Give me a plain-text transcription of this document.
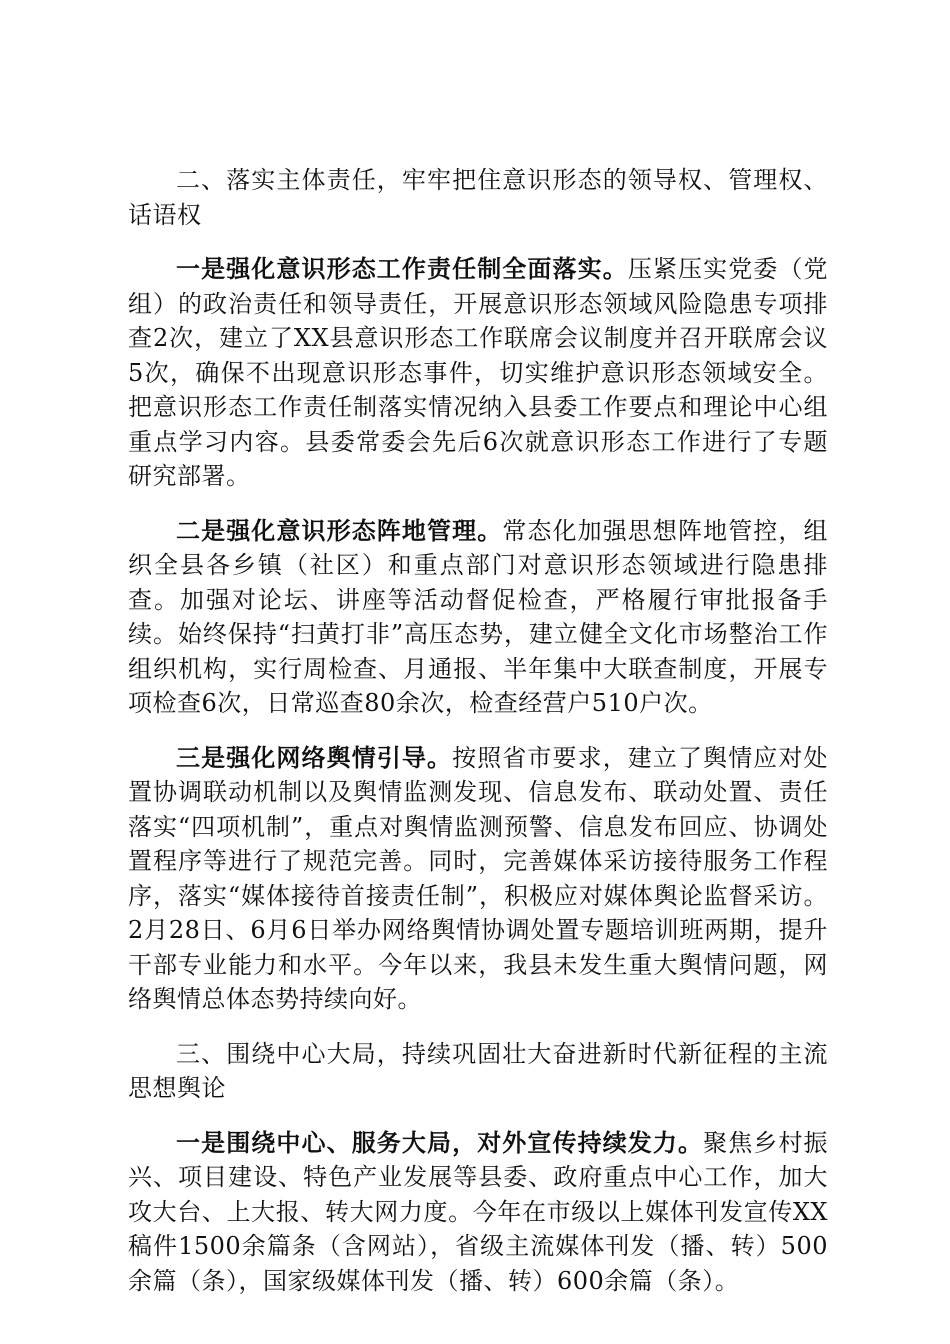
二、落实主体责任，牢牢把住意识形态的领导权、管理权、话语权

一是强化意识形态工作责任制全面落实。压紧压实党委（党组）的政治责任和领导责任，开展意识形态领域风险隐患专项排查2次，建立了XX县意识形态工作联席会议制度并召开联席会议5次，确保不出现意识形态事件，切实维护意识形态领域安全。把意识形态工作责任制落实情况纳入县委工作要点和理论中心组重点学习内容。县委常委会先后6次就意识形态工作进行了专题研究部署。

二是强化意识形态阵地管理。常态化加强思想阵地管控，组织全县各乡镇（社区）和重点部门对意识形态领域进行隐患排查。加强对论坛、讲座等活动督促检查，严格履行审批报备手续。始终保持“扫黄打非”高压态势，建立健全文化市场整治工作组织机构，实行周检查、月通报、半年集中大联查制度，开展专项检查6次，日常巡查80余次，检查经营户510户次。

三是强化网络舆情引导。按照省市要求，建立了舆情应对处置协调联动机制以及舆情监测发现、信息发布、联动处置、责任落实“四项机制”，重点对舆情监测预警、信息发布回应、协调处置程序等进行了规范完善。同时，完善媒体采访接待服务工作程序，落实“媒体接待首接责任制”，积极应对媒体舆论监督采访。2月28日、6月6日举办网络舆情协调处置专题培训班两期，提升干部专业能力和水平。今年以来，我县未发生重大舆情问题，网络舆情总体态势持续向好。

三、围绕中心大局，持续巩固壮大奋进新时代新征程的主流思想舆论

一是围绕中心、服务大局，对外宣传持续发力。聚焦乡村振兴、项目建设、特色产业发展等县委、政府重点中心工作，加大攻大台、上大报、转大网力度。今年在市级以上媒体刊发宣传XX稿件1500余篇条（含网站），省级主流媒体刊发（播、转）500余篇（条），国家级媒体刊发（播、转）600余篇（条）。
